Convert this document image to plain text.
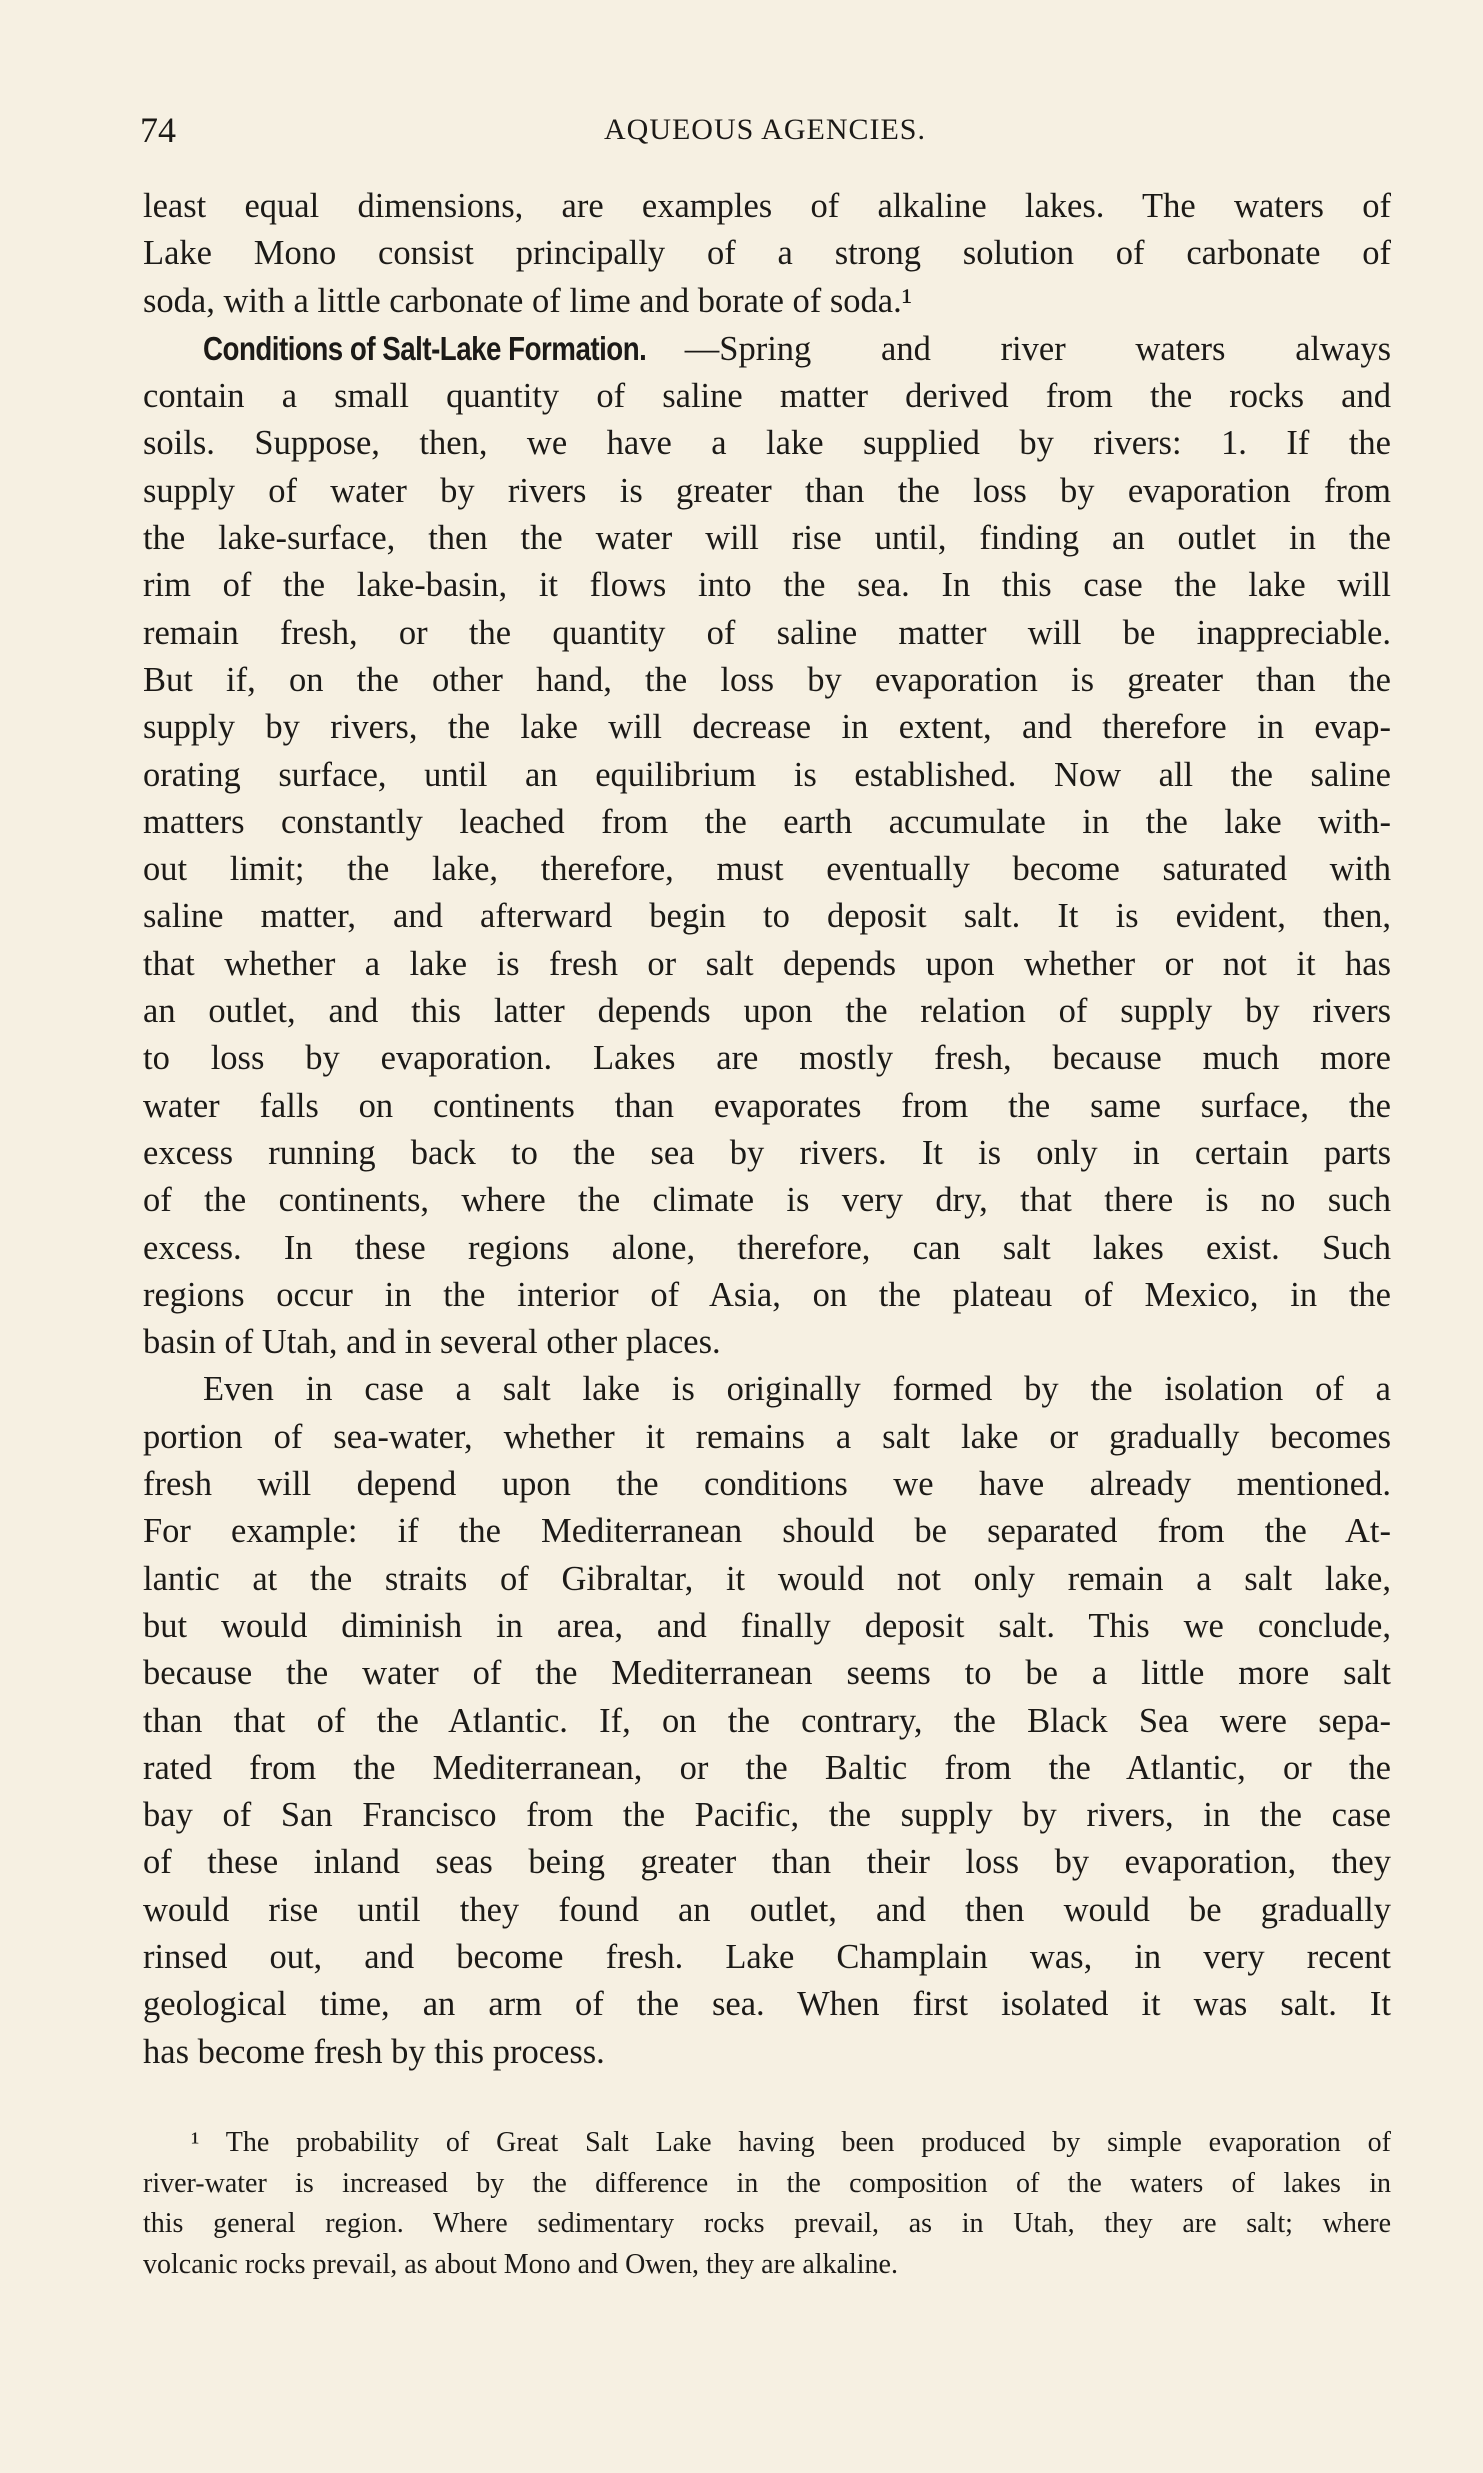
74	AQUEOUS AGENCIES.

least equal dimensions, are examples of alkaline lakes. The waters of
Lake Mono consist principally of a strong solution of carbonate of
soda, with a little carbonate of lime and borate of soda.¹

Conditions of Salt-Lake Formation. —Spring and river waters always
contain a small quantity of saline matter derived from the rocks and
soils. Suppose, then, we have a lake supplied by rivers: 1. If the
supply of water by rivers is greater than the loss by evaporation from
the lake-surface, then the water will rise until, finding an outlet in the
rim of the lake-basin, it flows into the sea. In this case the lake will
remain fresh, or the quantity of saline matter will be inappreciable.
But if, on the other hand, the loss by evaporation is greater than the
supply by rivers, the lake will decrease in extent, and therefore in evap-
orating surface, until an equilibrium is established. Now all the saline
matters constantly leached from the earth accumulate in the lake with-
out limit; the lake, therefore, must eventually become saturated with
saline matter, and afterward begin to deposit salt. It is evident, then,
that whether a lake is fresh or salt depends upon whether or not it has
an outlet, and this latter depends upon the relation of supply by rivers
to loss by evaporation. Lakes are mostly fresh, because much more
water falls on continents than evaporates from the same surface, the
excess running back to the sea by rivers. It is only in certain parts
of the continents, where the climate is very dry, that there is no such
excess. In these regions alone, therefore, can salt lakes exist. Such
regions occur in the interior of Asia, on the plateau of Mexico, in the
basin of Utah, and in several other places.

Even in case a salt lake is originally formed by the isolation of a
portion of sea-water, whether it remains a salt lake or gradually becomes
fresh will depend upon the conditions we have already mentioned.
For example: if the Mediterranean should be separated from the At-
lantic at the straits of Gibraltar, it would not only remain a salt lake,
but would diminish in area, and finally deposit salt. This we conclude,
because the water of the Mediterranean seems to be a little more salt
than that of the Atlantic. If, on the contrary, the Black Sea were sepa-
rated from the Mediterranean, or the Baltic from the Atlantic, or the
bay of San Francisco from the Pacific, the supply by rivers, in the case
of these inland seas being greater than their loss by evaporation, they
would rise until they found an outlet, and then would be gradually
rinsed out, and become fresh. Lake Champlain was, in very recent
geological time, an arm of the sea. When first isolated it was salt. It
has become fresh by this process.

¹ The probability of Great Salt Lake having been produced by simple evaporation of

river-water is increased by the difference in the composition of the waters of lakes in
this general region. Where sedimentary rocks prevail, as in Utah, they are salt; where
volcanic rocks prevail, as about Mono and Owen, they are alkaline.
